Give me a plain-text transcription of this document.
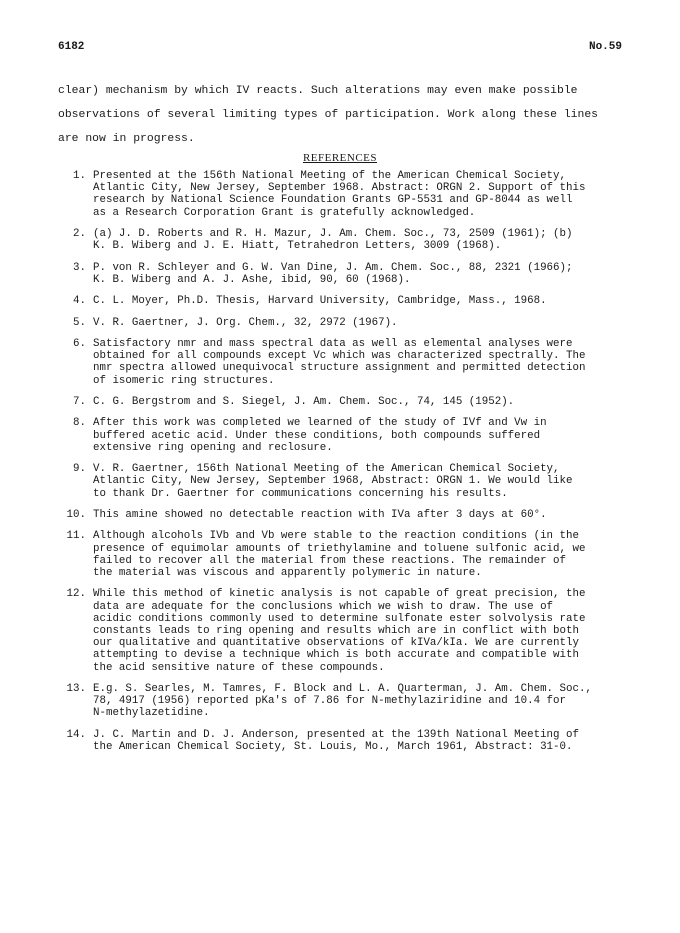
6182	No.59
clear) mechanism by which IV reacts. Such alterations may even make possible
observations of several limiting types of participation. Work along these lines
are now in progress.
REFERENCES
1. Presented at the 156th National Meeting of the American Chemical Society,
Atlantic City, New Jersey, September 1968. Abstract: ORGN 2. Support of this
research by National Science Foundation Grants GP-5531 and GP-8044 as well
as a Research Corporation Grant is gratefully acknowledged.
2. (a) J. D. Roberts and R. H. Mazur, J. Am. Chem. Soc., 73, 2509 (1961); (b)
K. B. Wiberg and J. E. Hiatt, Tetrahedron Letters, 3009 (1968).
3. P. von R. Schleyer and G. W. Van Dine, J. Am. Chem. Soc., 88, 2321 (1966);
K. B. Wiberg and A. J. Ashe, ibid, 90, 60 (1968).
4. C. L. Moyer, Ph.D. Thesis, Harvard University, Cambridge, Mass., 1968.
5. V. R. Gaertner, J. Org. Chem., 32, 2972 (1967).
6. Satisfactory nmr and mass spectral data as well as elemental analyses were
obtained for all compounds except Vc which was characterized spectrally. The
nmr spectra allowed unequivocal structure assignment and permitted detection
of isomeric ring structures.
7. C. G. Bergstrom and S. Siegel, J. Am. Chem. Soc., 74, 145 (1952).
8. After this work was completed we learned of the study of IVf and Vw in
buffered acetic acid. Under these conditions, both compounds suffered
extensive ring opening and reclosure.
9. V. R. Gaertner, 156th National Meeting of the American Chemical Society,
Atlantic City, New Jersey, September 1968, Abstract: ORGN 1. We would like
to thank Dr. Gaertner for communications concerning his results.
10. This amine showed no detectable reaction with IVa after 3 days at 60°.
11. Although alcohols IVb and Vb were stable to the reaction conditions (in the
presence of equimolar amounts of triethylamine and toluene sulfonic acid, we
failed to recover all the material from these reactions. The remainder of
the material was viscous and apparently polymeric in nature.
12. While this method of kinetic analysis is not capable of great precision, the
data are adequate for the conclusions which we wish to draw. The use of
acidic conditions commonly used to determine sulfonate ester solvolysis rate
constants leads to ring opening and results which are in conflict with both
our qualitative and quantitative observations of kIVa/kIa. We are currently
attempting to devise a technique which is both accurate and compatible with
the acid sensitive nature of these compounds.
13. E.g. S. Searles, M. Tamres, F. Block and L. A. Quarterman, J. Am. Chem. Soc.,
78, 4917 (1956) reported pKa's of 7.86 for N-methylaziridine and 10.4 for
N-methylazetidine.
14. J. C. Martin and D. J. Anderson, presented at the 139th National Meeting of
the American Chemical Society, St. Louis, Mo., March 1961, Abstract: 31-0.
